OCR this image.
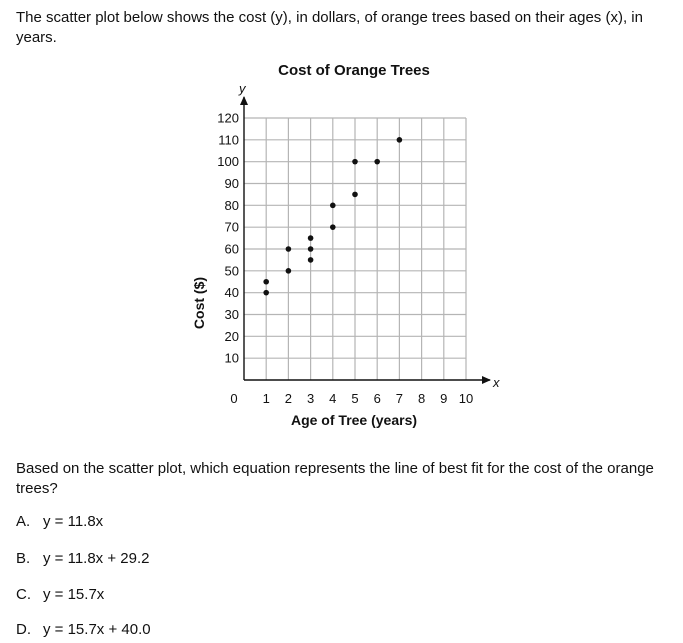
The scatter plot below shows the cost (y), in dollars, of orange trees based on their ages (x), in years.

Cost of Orange Trees
1 2 3 4 5 6 7 8 9 10
10
20
30
40
50
60
70
80
90
100
110
120
x
y
0
Age of Tree (years)
Cost ($)

Based on the scatter plot, which equation represents the line of best fit for the cost of the orange trees?

A. y = 11.8x
B. y = 11.8x + 29.2
C. y = 15.7x
D. y = 15.7x + 40.0
